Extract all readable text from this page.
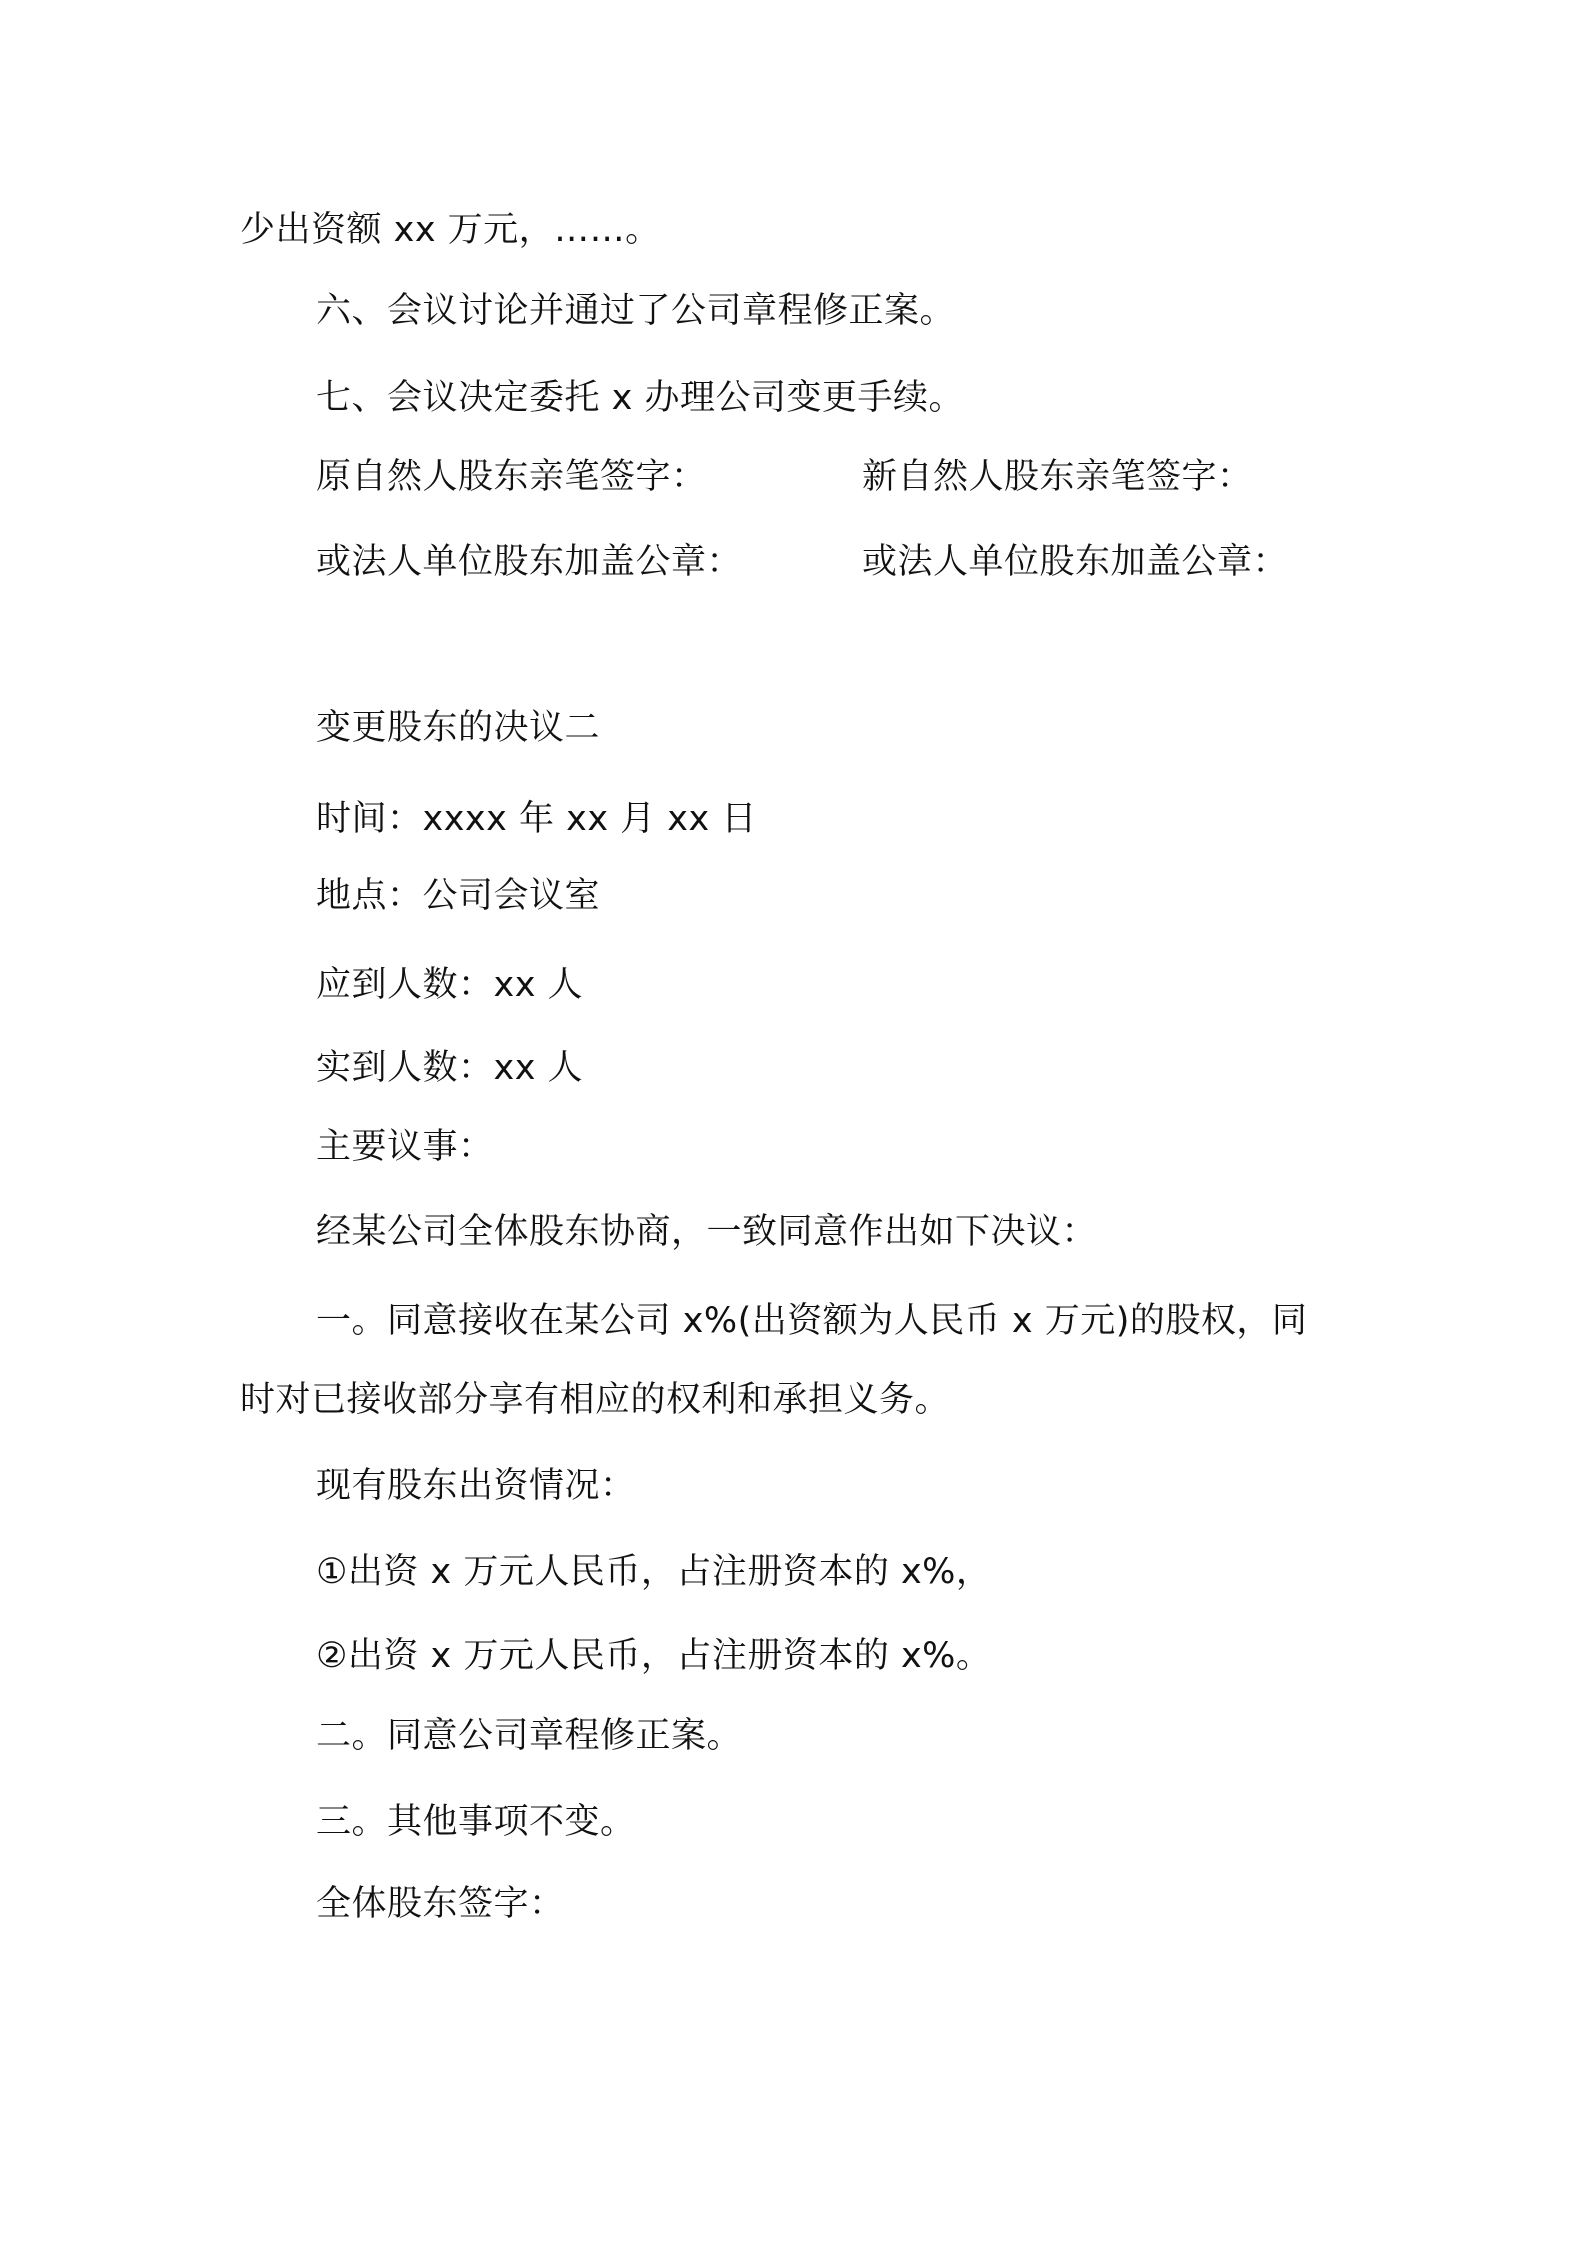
少出资额 xx 万元，……。
六、会议讨论并通过了公司章程修正案。
七、会议决定委托 x 办理公司变更手续。
原自然人股东亲笔签字：	新自然人股东亲笔签字：
或法人单位股东加盖公章：	或法人单位股东加盖公章：
变更股东的决议二
时间：xxxx 年 xx 月 xx 日
地点：公司会议室
应到人数：xx 人
实到人数：xx 人
主要议事：
经某公司全体股东协商，一致同意作出如下决议：
一。同意接收在某公司 x%(出资额为人民币 x 万元)的股权，同
时对已接收部分享有相应的权利和承担义务。
现有股东出资情况：
①出资 x 万元人民币，占注册资本的 x%，
②出资 x 万元人民币，占注册资本的 x%。
二。同意公司章程修正案。
三。其他事项不变。
全体股东签字：
